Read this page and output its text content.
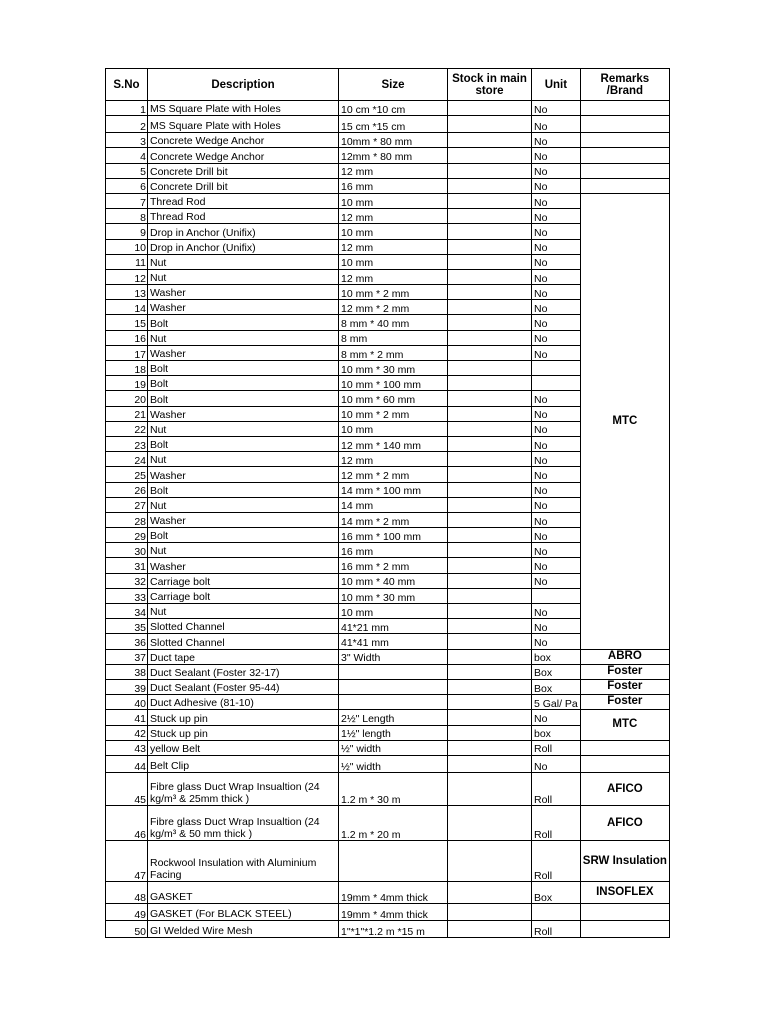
S.No	Description	Size	Stock in main store	Unit	Remarks /Brand
1	MS Square Plate with Holes	10 cm *10 cm		No	
2	MS Square Plate with Holes	15 cm *15 cm		No	
3	Concrete Wedge Anchor	10mm * 80 mm		No	
4	Concrete Wedge Anchor	12mm * 80 mm		No	
5	Concrete Drill bit	12 mm		No	
6	Concrete Drill bit	16 mm		No	
7	Thread Rod	10 mm		No	MTC
8	Thread Rod	12 mm		No	
9	Drop in Anchor (Unifix)	10 mm		No	
10	Drop in Anchor (Unifix)	12 mm		No	
11	Nut	10 mm		No	
12	Nut	12 mm		No	
13	Washer	10 mm * 2 mm		No	
14	Washer	12 mm * 2 mm		No	
15	Bolt	8 mm * 40 mm		No	
16	Nut	8 mm		No	
17	Washer	8 mm * 2 mm		No	
18	Bolt	10 mm * 30 mm			
19	Bolt	10 mm * 100 mm			
20	Bolt	10 mm * 60 mm		No	
21	Washer	10 mm * 2 mm		No	
22	Nut	10 mm		No	
23	Bolt	12 mm * 140 mm		No	
24	Nut	12 mm		No	
25	Washer	12 mm * 2 mm		No	
26	Bolt	14 mm * 100 mm		No	
27	Nut	14 mm		No	
28	Washer	14 mm * 2 mm		No	
29	Bolt	16 mm * 100 mm		No	
30	Nut	16 mm		No	
31	Washer	16 mm * 2 mm		No	
32	Carriage bolt	10 mm * 40 mm		No	
33	Carriage bolt	10 mm * 30 mm			
34	Nut	10 mm		No	
35	Slotted Channel	41*21 mm		No	
36	Slotted Channel	41*41 mm		No	
37	Duct tape	3" Width		box	ABRO
38	Duct Sealant (Foster 32-17)			Box	Foster
39	Duct Sealant (Foster 95-44)			Box	Foster
40	Duct Adhesive (81-10)			5 Gal/ Pa	Foster
41	Stuck up pin	2½" Length		No	MTC
42	Stuck up pin	1½" length		box	
43	yellow Belt	½" width		Roll	
44	Belt Clip	½" width		No	
45	Fibre glass Duct Wrap Insualtion (24 kg/m³ & 25mm thick )	1.2 m * 30 m		Roll	AFICO
46	Fibre glass Duct Wrap Insualtion (24 kg/m³ & 50 mm thick )	1.2 m * 20 m		Roll	AFICO
47	Rockwool Insulation with Aluminium Facing			Roll	SRW Insulation
48	GASKET	19mm * 4mm thick		Box	INSOFLEX
49	GASKET (For BLACK STEEL)	19mm * 4mm thick			
50	GI Welded Wire Mesh	1"*1"*1.2 m *15 m		Roll	
